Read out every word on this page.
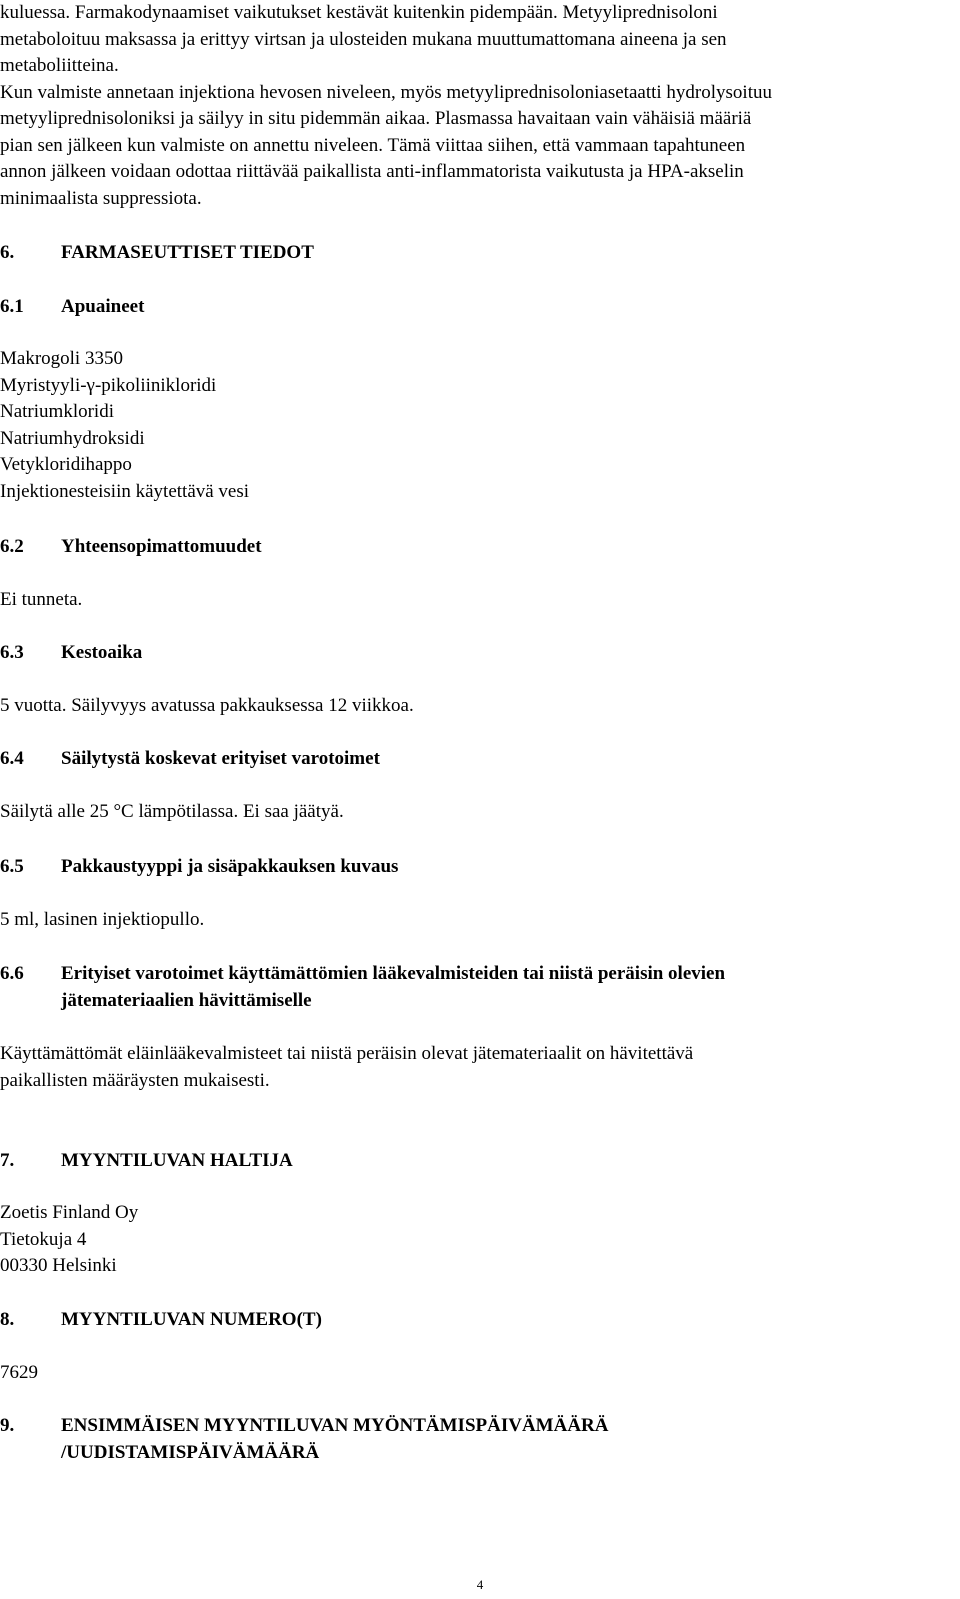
kuluessa. Farmakodynaamiset vaikutukset kestävät kuitenkin pidempään. Metyyliprednisoloni
metaboloituu maksassa ja erittyy virtsan ja ulosteiden mukana muuttumattomana aineena ja sen
metaboliitteina.
Kun valmiste annetaan injektiona hevosen niveleen, myös metyyliprednisoloniasetaatti hydrolysoituu
metyyliprednisoloniksi ja säilyy in situ pidemmän aikaa. Plasmassa havaitaan vain vähäisiä määriä
pian sen jälkeen kun valmiste on annettu niveleen. Tämä viittaa siihen, että vammaan tapahtuneen
annon jälkeen voidaan odottaa riittävää paikallista anti-inflammatorista vaikutusta ja HPA-akselin
minimaalista suppressiota.
6. FARMASEUTTISET TIEDOT
6.1 Apuaineet
Makrogoli 3350
Myristyyli-γ-pikoliinikloridi
Natriumkloridi
Natriumhydroksidi
Vetykloridihappo
Injektionesteisiin käytettävä vesi
6.2 Yhteensopimattomuudet
Ei tunneta.
6.3 Kestoaika
5 vuotta. Säilyvyys avatussa pakkauksessa 12 viikkoa.
6.4 Säilytystä koskevat erityiset varotoimet
Säilytä alle 25 °C lämpötilassa. Ei saa jäätyä.
6.5 Pakkaustyyppi ja sisäpakkauksen kuvaus
5 ml, lasinen injektiopullo.
6.6 Erityiset varotoimet käyttämättömien lääkevalmisteiden tai niistä peräisin olevien
jätemateriaalien hävittämiselle
Käyttämättömät eläinlääkevalmisteet tai niistä peräisin olevat jätemateriaalit on hävitettävä
paikallisten määräysten mukaisesti.
7. MYYNTILUVAN HALTIJA
Zoetis Finland Oy
Tietokuja 4
00330 Helsinki
8. MYYNTILUVAN NUMERO(T)
7629
9. ENSIMMÄISEN MYYNTILUVAN MYÖNTÄMISPÄIVÄMÄÄRÄ
/UUDISTAMISPÄIVÄMÄÄRÄ
4
